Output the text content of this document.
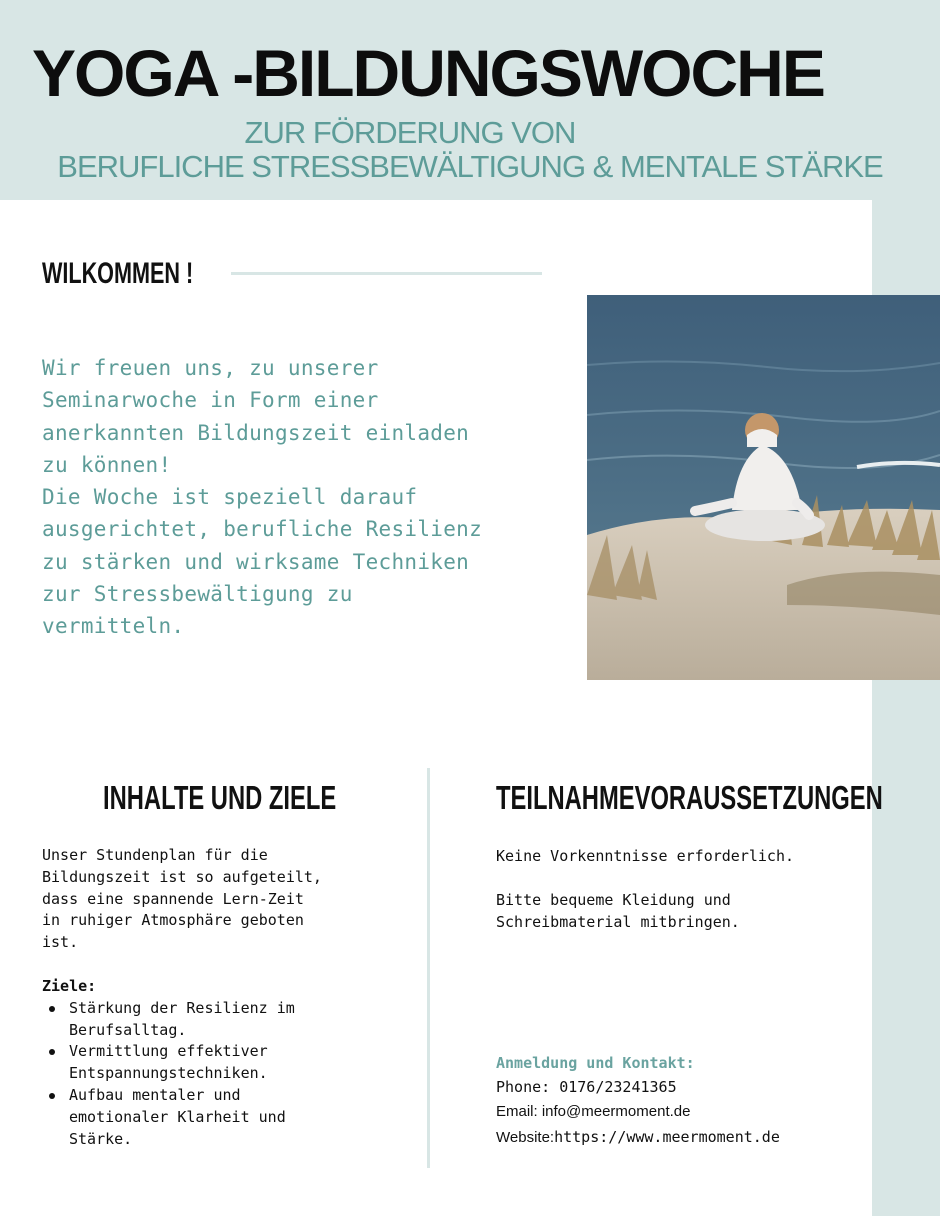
YOGA -BILDUNGSWOCHE
ZUR FÖRDERUNG VON
BERUFLICHE STRESSBEWÄLTIGUNG & MENTALE STÄRKE
WILKOMMEN !

Wir freuen uns, zu unserer
Seminarwoche in Form einer
anerkannten Bildungszeit einladen
zu können!
Die Woche ist speziell darauf
ausgerichtet, berufliche Resilienz
zu stärken und wirksame Techniken
zur Stressbewältigung zu
vermitteln.

INHALTE UND ZIELE	TEILNAHMEVORAUSSETZUNGEN

Unser Stundenplan für die
Bildungszeit ist so aufgeteilt,
dass eine spannende Lern-Zeit
in ruhiger Atmosphäre geboten
ist.

Ziele:

Stärkung der Resilienz im
Berufsalltag.
Vermittlung effektiver
Entspannungstechniken.
Aufbau mentaler und
emotionaler Klarheit und
Stärke.

Keine Vorkenntnisse erforderlich.

Bitte bequeme Kleidung und
Schreibmaterial mitbringen.

Anmeldung und Kontakt:

Phone: 0176/23241365

Email: info@meermoment.de

Website:https://www.meermoment.de
